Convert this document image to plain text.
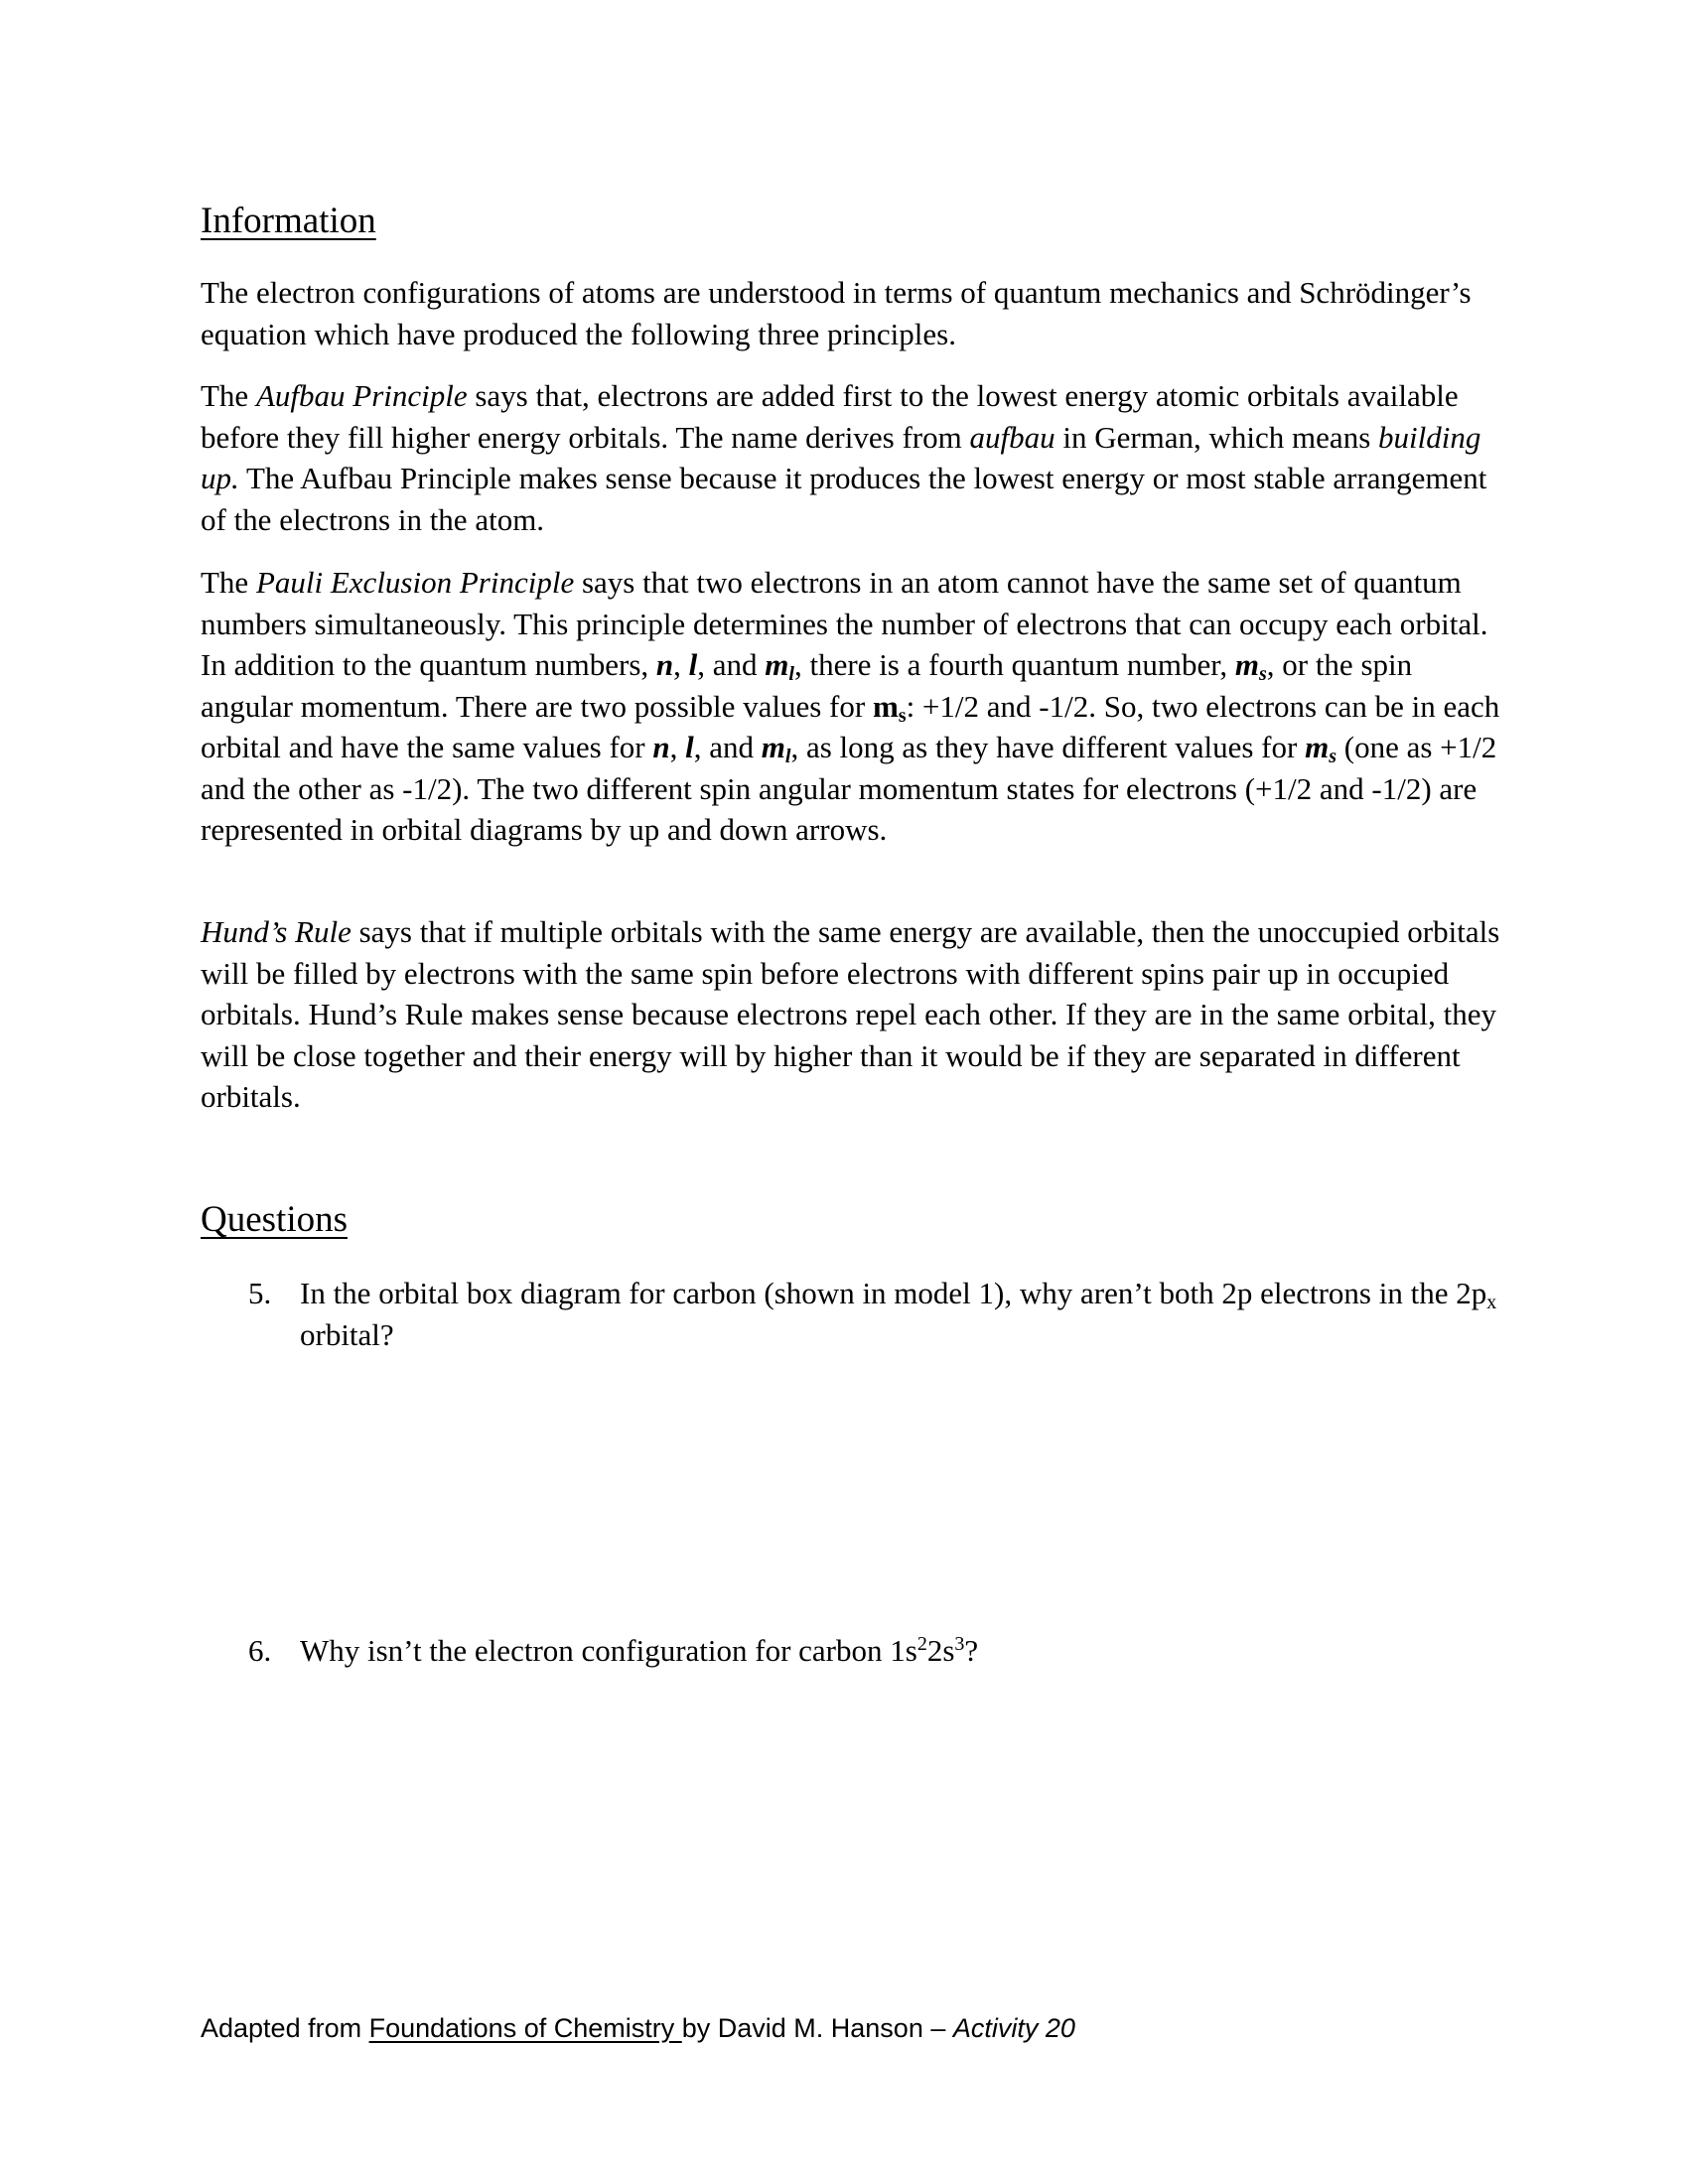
Information

The electron configurations of atoms are understood in terms of quantum mechanics and Schrödinger’s equation which have produced the following three principles.

The Aufbau Principle says that, electrons are added first to the lowest energy atomic orbitals available before they fill higher energy orbitals. The name derives from aufbau in German, which means building up. The Aufbau Principle makes sense because it produces the lowest energy or most stable arrangement of the electrons in the atom.

The Pauli Exclusion Principle says that two electrons in an atom cannot have the same set of quantum numbers simultaneously. This principle determines the number of electrons that can occupy each orbital. In addition to the quantum numbers, n, l, and $m_l$, there is a fourth quantum number, $m_s$, or the spin angular momentum. There are two possible values for $m_s$: +1/2 and -1/2. So, two electrons can be in each orbital and have the same values for n, l, and $m_l$, as long as they have different values for $m_s$ (one as +1/2 and the other as -1/2). The two different spin angular momentum states for electrons (+1/2 and -1/2) are represented in orbital diagrams by up and down arrows.

Hund’s Rule says that if multiple orbitals with the same energy are available, then the unoccupied orbitals will be filled by electrons with the same spin before electrons with different spins pair up in occupied orbitals. Hund’s Rule makes sense because electrons repel each other. If they are in the same orbital, they will be close together and their energy will by higher than it would be if they are separated in different orbitals.

Questions
5. In the orbital box diagram for carbon (shown in model 1), why aren’t both 2p electrons in the $2p_x$ orbital?
6. Why isn’t the electron configuration for carbon $1s^22s^3$?
Adapted from Foundations of Chemistry by David M. Hanson – Activity 20
